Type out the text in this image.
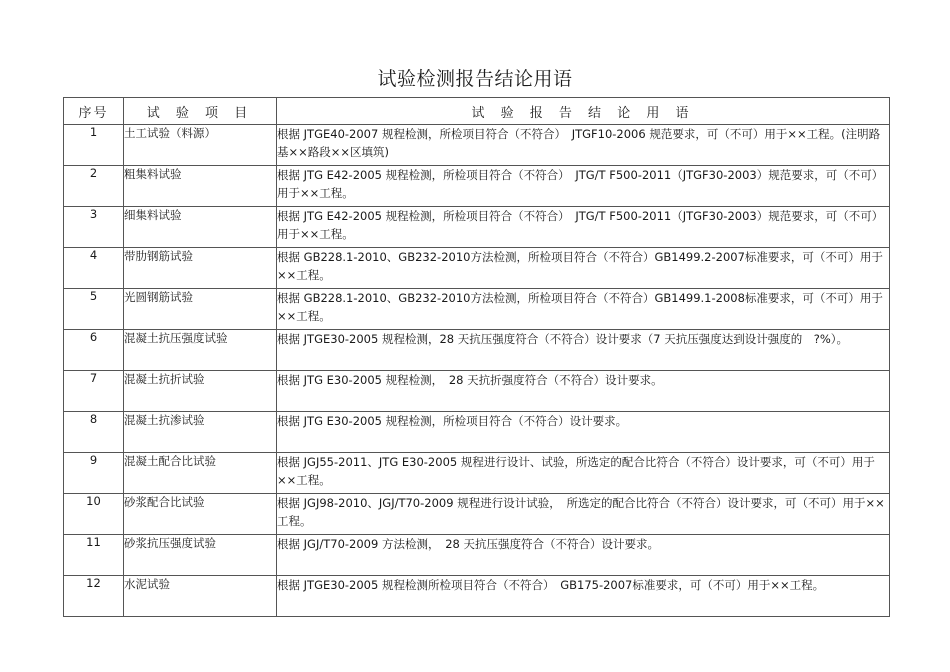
试验检测报告结论用语
序号	试 验 项 目	试 验 报 告 结 论 用 语
1	土工试验（料源）	根据 JTGE40-2007 规程检测，所检项目符合（不符合）　JTGF10-2006 规范要求，可（不可）用于××工程。(注明路基××路段××区填筑)
2	粗集料试验	根据 JTG E42-2005 规程检测，所检项目符合（不符合）　JTG/T F500-2011（JTGF30-2003）规范要求，可（不可）用于××工程。
3	细集料试验	根据 JTG E42-2005 规程检测，所检项目符合（不符合）　JTG/T F500-2011（JTGF30-2003）规范要求，可（不可）用于××工程。
4	带肋钢筋试验	根据 GB228.1-2010、GB232-2010方法检测，所检项目符合（不符合）GB1499.2-2007标准要求，可（不可）用于××工程。
5	光圆钢筋试验	根据 GB228.1-2010、GB232-2010方法检测，所检项目符合（不符合）GB1499.1-2008标准要求，可（不可）用于××工程。
6	混凝土抗压强度试验	根据 JTGE30-2005 规程检测，28 天抗压强度符合（不符合）设计要求（7 天抗压强度达到设计强度的　?%）。
7	混凝土抗折试验	根据 JTG E30-2005 规程检测，　28 天抗折强度符合（不符合）设计要求。
8	混凝土抗渗试验	根据 JTG E30-2005 规程检测，所检项目符合（不符合）设计要求。
9	混凝土配合比试验	根据 JGJ55-2011、JTG E30-2005 规程进行设计、试验，所选定的配合比符合（不符合）设计要求，可（不可）用于××工程。
10	砂浆配合比试验	根据 JGJ98-2010、JGJ/T70-2009 规程进行设计试验，　所选定的配合比符合（不符合）设计要求，可（不可）用于××工程。
11	砂浆抗压强度试验	根据 JGJ/T70-2009 方法检测，　28 天抗压强度符合（不符合）设计要求。
12	水泥试验	根据 JTGE30-2005 规程检测所检项目符合（不符合）　GB175-2007标准要求，可（不可）用于××工程。
